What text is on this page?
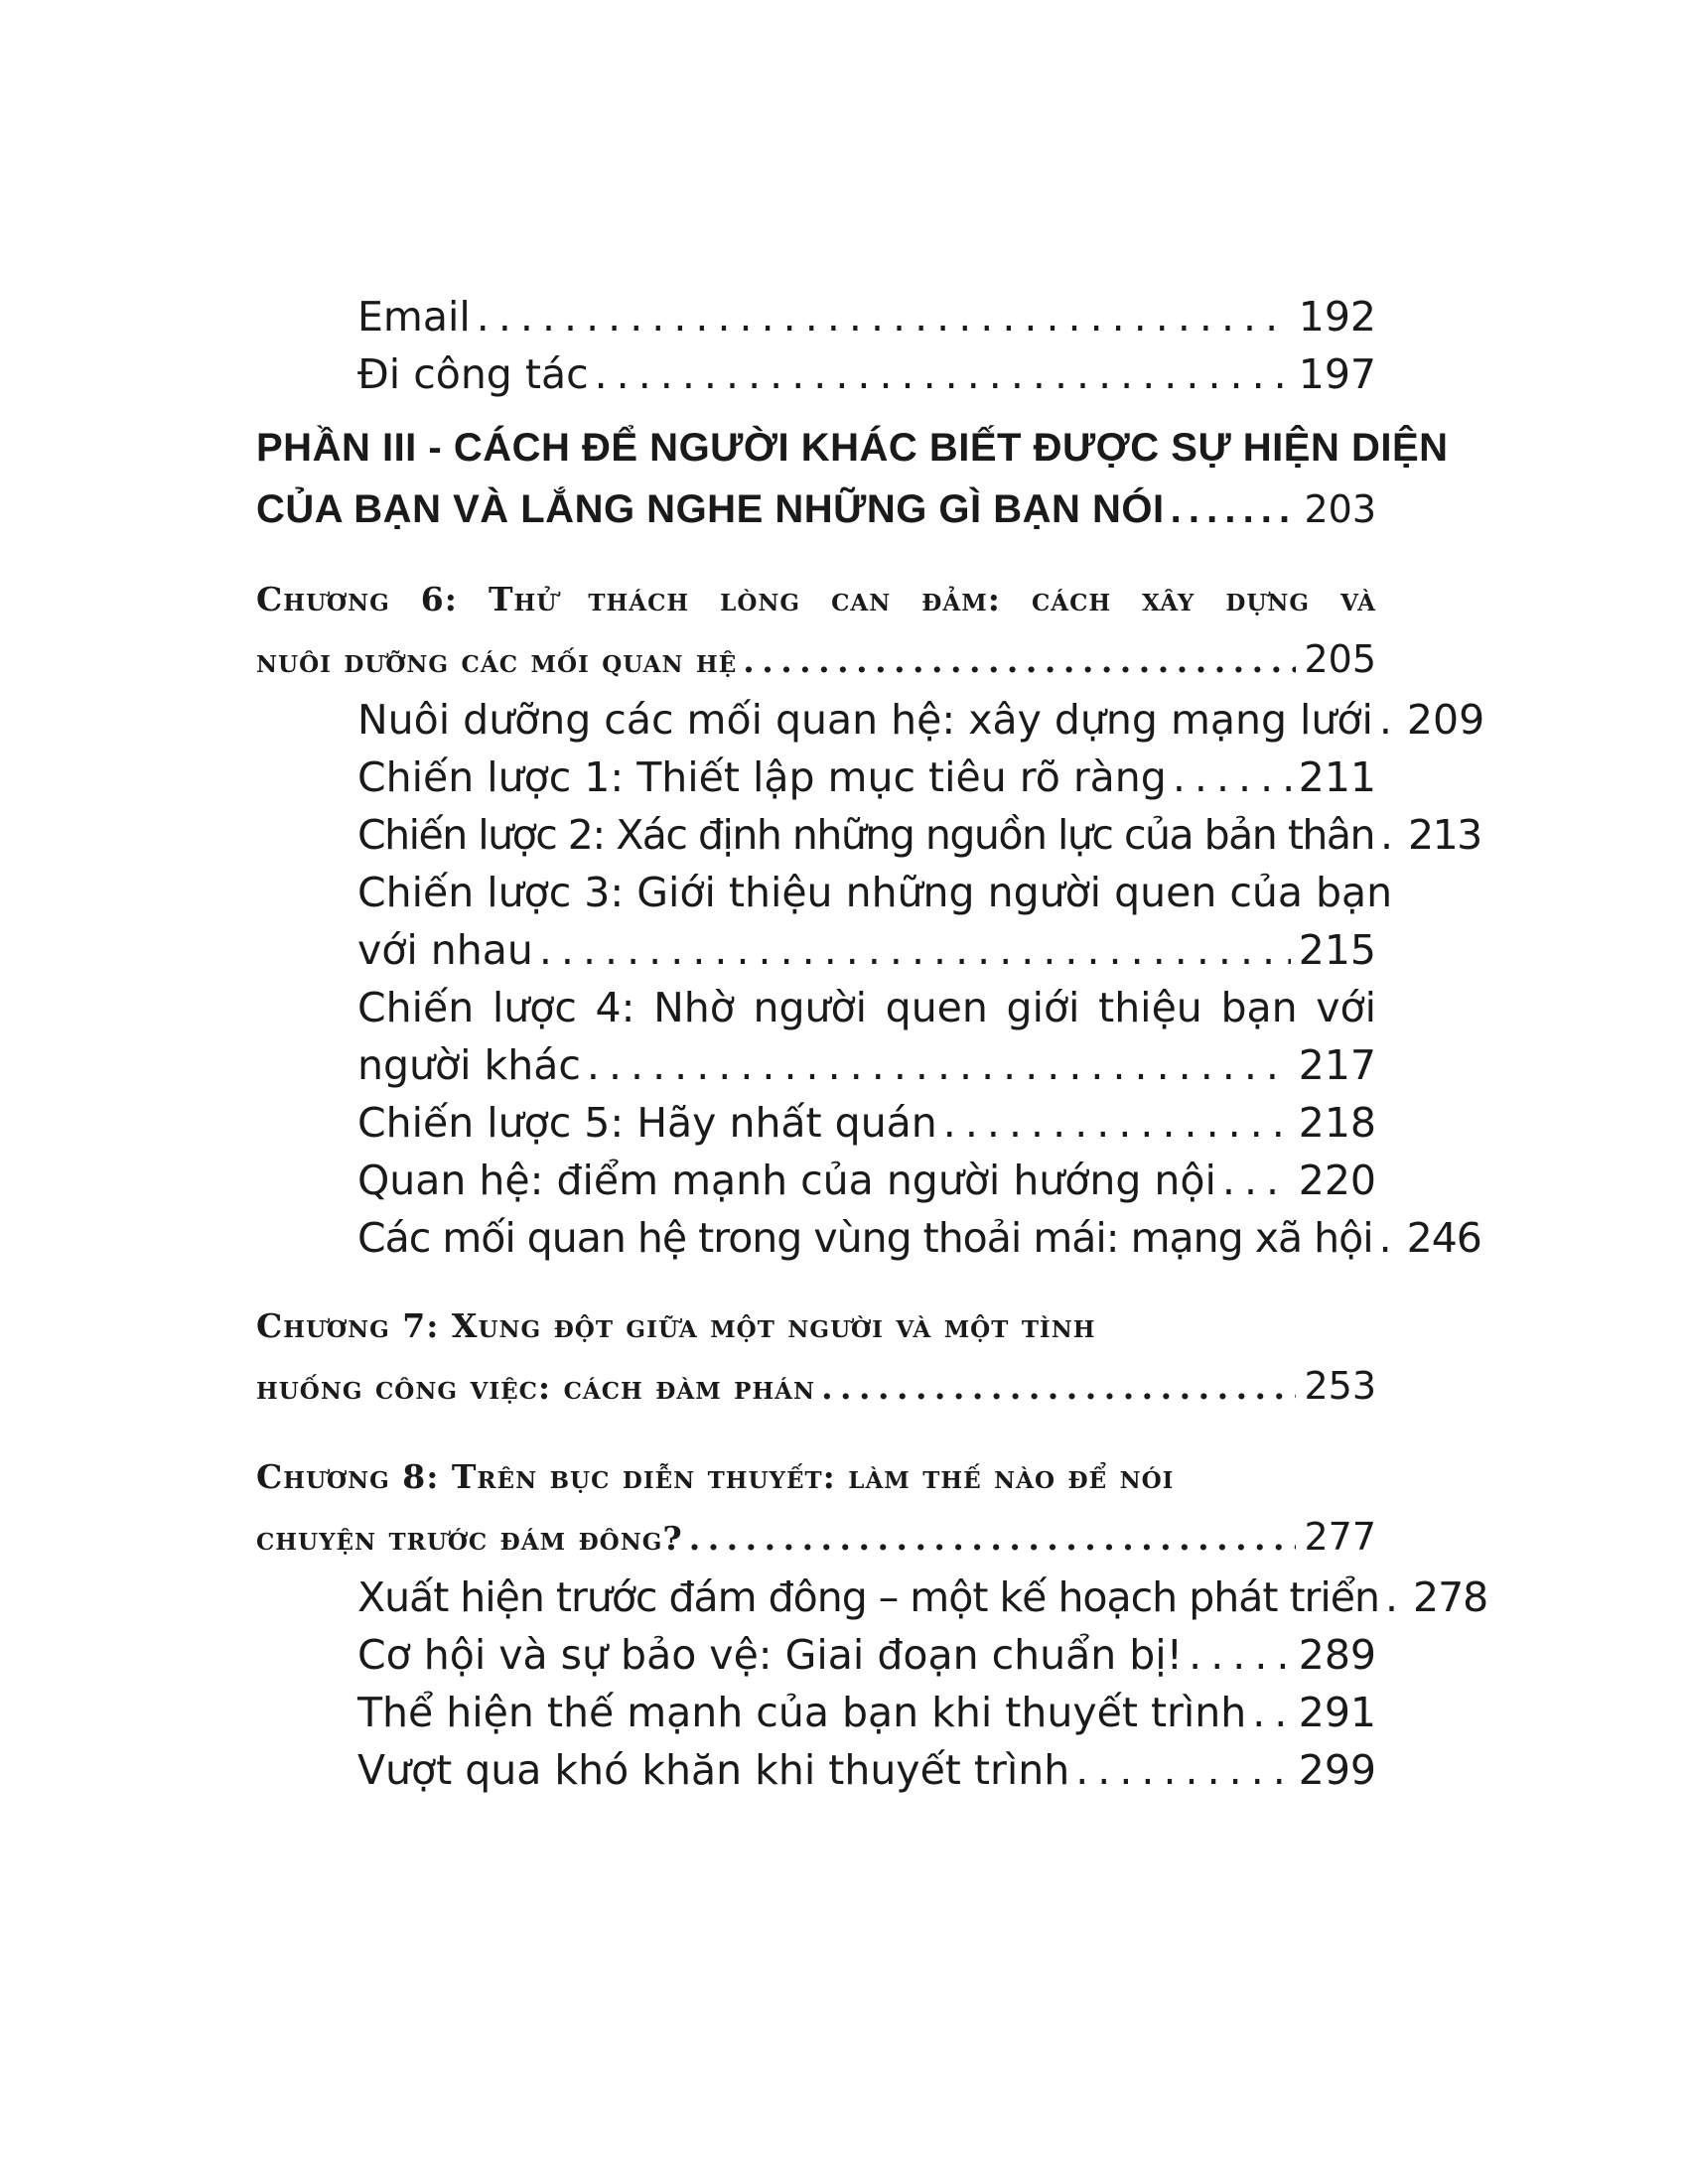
Email . . .	192
Đi công tác . . .	197
PHẦN III - CÁCH ĐỂ NGƯỜI KHÁC BIẾT ĐƯỢC SỰ HIỆN DIỆN
CỦA BẠN VÀ LẮNG NGHE NHỮNG GÌ BẠN NÓI . . .	203
Chương 6: Thử thách lòng can đảm: cách xây dựng và
nuôi dưỡng các mối quan hệ . . .	205
Nuôi dưỡng các mối quan hệ: xây dựng mạng lưới . . . 209
Chiến lược 1: Thiết lập mục tiêu rõ ràng . . .	211
Chiến lược 2: Xác định những nguồn lực của bản thân . . . 213
Chiến lược 3: Giới thiệu những người quen của bạn
với nhau . . .	215
Chiến lược 4: Nhờ người quen giới thiệu bạn với
người khác . . .	217
Chiến lược 5: Hãy nhất quán . . .	218
Quan hệ: điểm mạnh của người hướng nội . . . 220
Các mối quan hệ trong vùng thoải mái: mạng xã hội . . . 246
Chương 7: Xung đột giữa một người và một tình
huống công việc: cách đàm phán . . .	253
Chương 8: Trên bục diễn thuyết: làm thế nào để nói
chuyện trước đám đông? . . .	277
Xuất hiện trước đám đông – một kế hoạch phát triển . . . 278
Cơ hội và sự bảo vệ: Giai đoạn chuẩn bị! . . .	289
Thể hiện thế mạnh của bạn khi thuyết trình . . . 291
Vượt qua khó khăn khi thuyết trình . . .	299
